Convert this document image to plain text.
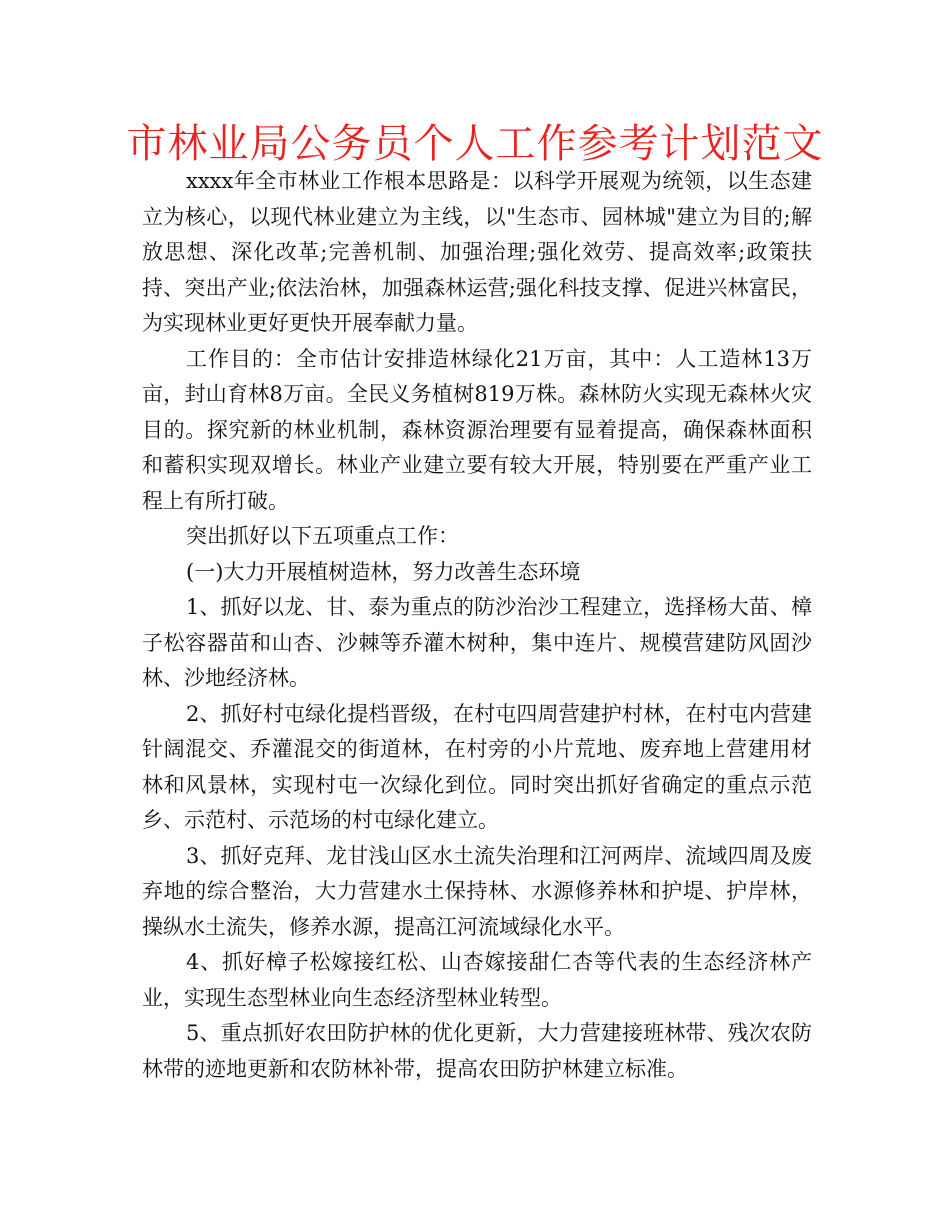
市林业局公务员个人工作参考计划范文

xxxx年全市林业工作根本思路是：以科学开展观为统领，以生态建立为核心，以现代林业建立为主线，以"生态市、园林城"建立为目的;解放思想、深化改革;完善机制、加强治理;强化效劳、提高效率;政策扶持、突出产业;依法治林，加强森林运营;强化科技支撑、促进兴林富民，为实现林业更好更快开展奉献力量。

工作目的：全市估计安排造林绿化21万亩，其中：人工造林13万亩，封山育林8万亩。全民义务植树819万株。森林防火实现无森林火灾目的。探究新的林业机制，森林资源治理要有显着提高，确保森林面积和蓄积实现双增长。林业产业建立要有较大开展，特别要在严重产业工程上有所打破。

突出抓好以下五项重点工作：

(一)大力开展植树造林，努力改善生态环境

1、抓好以龙、甘、泰为重点的防沙治沙工程建立，选择杨大苗、樟子松容器苗和山杏、沙棘等乔灌木树种，集中连片、规模营建防风固沙林、沙地经济林。

2、抓好村屯绿化提档晋级，在村屯四周营建护村林，在村屯内营建针阔混交、乔灌混交的街道林，在村旁的小片荒地、废弃地上营建用材林和风景林，实现村屯一次绿化到位。同时突出抓好省确定的重点示范乡、示范村、示范场的村屯绿化建立。

3、抓好克拜、龙甘浅山区水土流失治理和江河两岸、流域四周及废弃地的综合整治，大力营建水土保持林、水源修养林和护堤、护岸林，操纵水土流失，修养水源，提高江河流域绿化水平。

4、抓好樟子松嫁接红松、山杏嫁接甜仁杏等代表的生态经济林产业，实现生态型林业向生态经济型林业转型。

5、重点抓好农田防护林的优化更新，大力营建接班林带、残次农防林带的迹地更新和农防林补带，提高农田防护林建立标准。
